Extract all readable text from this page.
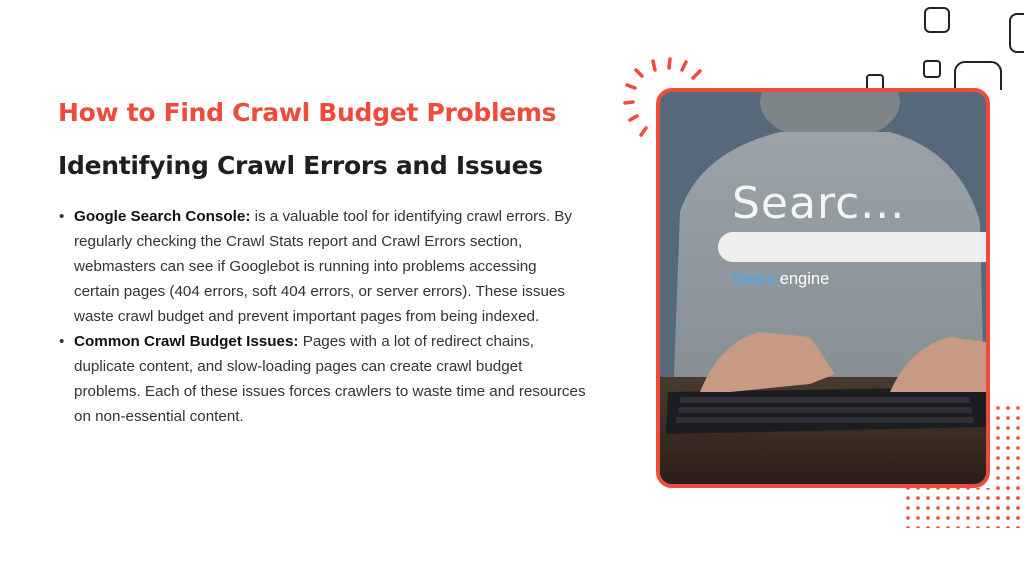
How to Find Crawl Budget Problems
Identifying Crawl Errors and Issues
• Google Search Console: is a valuable tool for identifying crawl errors. By regularly checking the Crawl Stats report and Crawl Errors section, webmasters can see if Googlebot is running into problems accessing certain pages (404 errors, soft 404 errors, or server errors). These issues waste crawl budget and prevent important pages from being indexed.
• Common Crawl Budget Issues: Pages with a lot of redirect chains, duplicate content, and slow-loading pages can create crawl budget problems. Each of these issues forces crawlers to waste time and resources on non-essential content.
Searc...
Searc engine
